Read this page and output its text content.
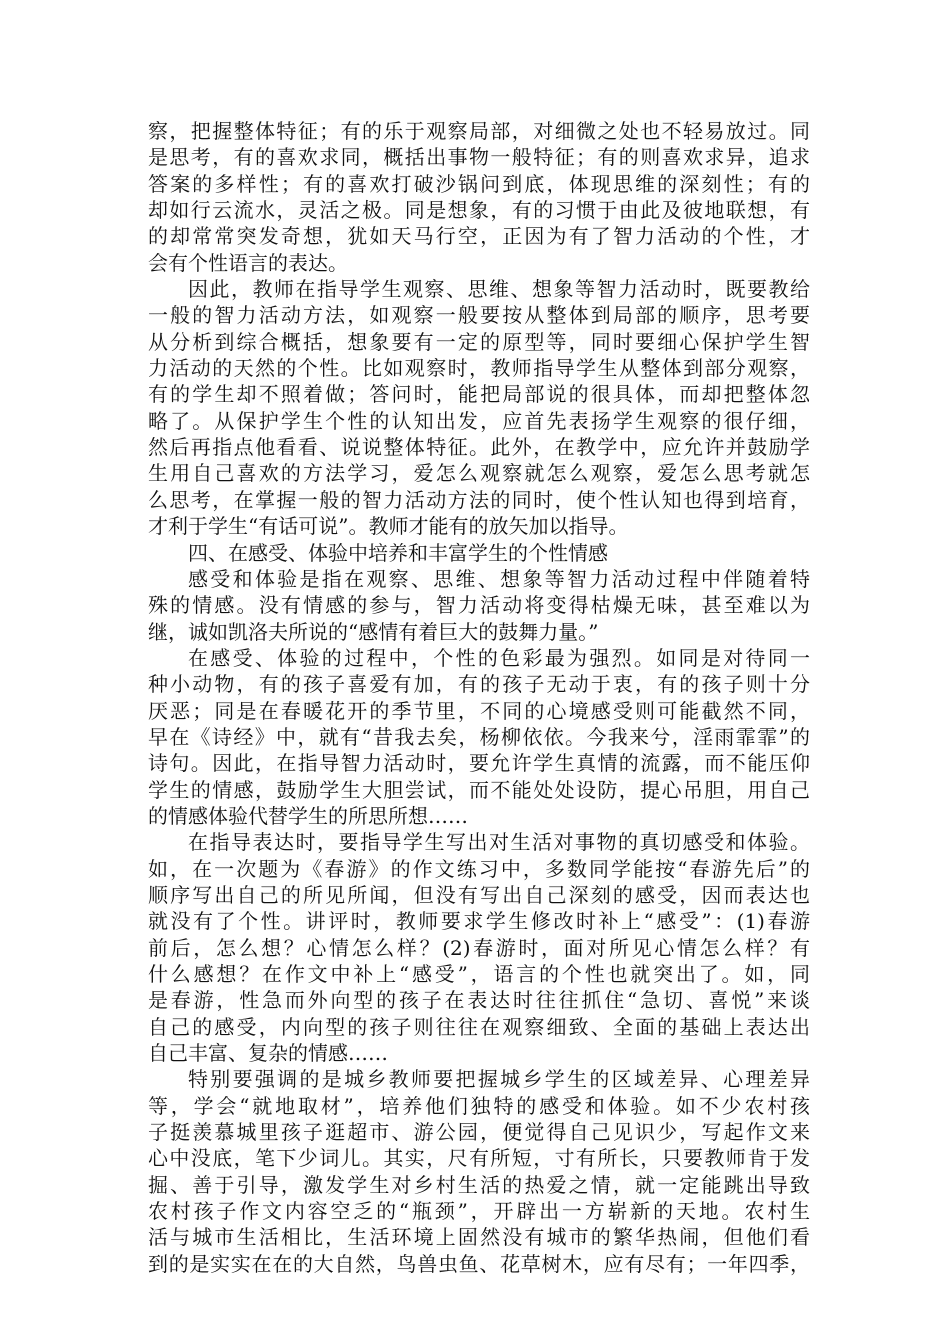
察，把握整体特征；有的乐于观察局部，对细微之处也不轻易放过。同
是思考，有的喜欢求同，概括出事物一般特征；有的则喜欢求异，追求
答案的多样性；有的喜欢打破沙锅问到底，体现思维的深刻性；有的
却如行云流水，灵活之极。同是想象，有的习惯于由此及彼地联想，有
的却常常突发奇想，犹如天马行空，正因为有了智力活动的个性，才
会有个性语言的表达。
因此，教师在指导学生观察、思维、想象等智力活动时，既要教给
一般的智力活动方法，如观察一般要按从整体到局部的顺序，思考要
从分析到综合概括，想象要有一定的原型等，同时要细心保护学生智
力活动的天然的个性。比如观察时，教师指导学生从整体到部分观察，
有的学生却不照着做；答问时，能把局部说的很具体，而却把整体忽
略了。从保护学生个性的认知出发，应首先表扬学生观察的很仔细，
然后再指点他看看、说说整体特征。此外，在教学中，应允许并鼓励学
生用自己喜欢的方法学习，爱怎么观察就怎么观察，爱怎么思考就怎
么思考，在掌握一般的智力活动方法的同时，使个性认知也得到培育，
才利于学生“有话可说”。教师才能有的放矢加以指导。
四、在感受、体验中培养和丰富学生的个性情感
感受和体验是指在观察、思维、想象等智力活动过程中伴随着特
殊的情感。没有情感的参与，智力活动将变得枯燥无味，甚至难以为
继，诚如凯洛夫所说的“感情有着巨大的鼓舞力量。”
在感受、体验的过程中，个性的色彩最为强烈。如同是对待同一
种小动物，有的孩子喜爱有加，有的孩子无动于衷，有的孩子则十分
厌恶；同是在春暖花开的季节里，不同的心境感受则可能截然不同，
早在《诗经》中，就有“昔我去矣，杨柳依依。今我来兮，淫雨霏霏”的
诗句。因此，在指导智力活动时，要允许学生真情的流露，而不能压仰
学生的情感，鼓励学生大胆尝试，而不能处处设防，提心吊胆，用自己
的情感体验代替学生的所思所想……
在指导表达时，要指导学生写出对生活对事物的真切感受和体验。
如，在一次题为《春游》的作文练习中，多数同学能按“春游先后”的
顺序写出自己的所见所闻，但没有写出自己深刻的感受，因而表达也
就没有了个性。讲评时，教师要求学生修改时补上“感受”：(1)春游
前后，怎么想？心情怎么样？(2)春游时，面对所见心情怎么样？有
什么感想？在作文中补上“感受”，语言的个性也就突出了。如，同
是春游，性急而外向型的孩子在表达时往往抓住“急切、喜悦”来谈
自己的感受，内向型的孩子则往往在观察细致、全面的基础上表达出
自己丰富、复杂的情感……
特别要强调的是城乡教师要把握城乡学生的区域差异、心理差异
等，学会“就地取材”，培养他们独特的感受和体验。如不少农村孩
子挺羡慕城里孩子逛超市、游公园，便觉得自己见识少，写起作文来
心中没底，笔下少词儿。其实，尺有所短，寸有所长，只要教师肯于发
掘、善于引导，激发学生对乡村生活的热爱之情，就一定能跳出导致
农村孩子作文内容空乏的“瓶颈”，开辟出一方崭新的天地。农村生
活与城市生活相比，生活环境上固然没有城市的繁华热闹，但他们看
到的是实实在在的大自然，鸟兽虫鱼、花草树木，应有尽有；一年四季，
